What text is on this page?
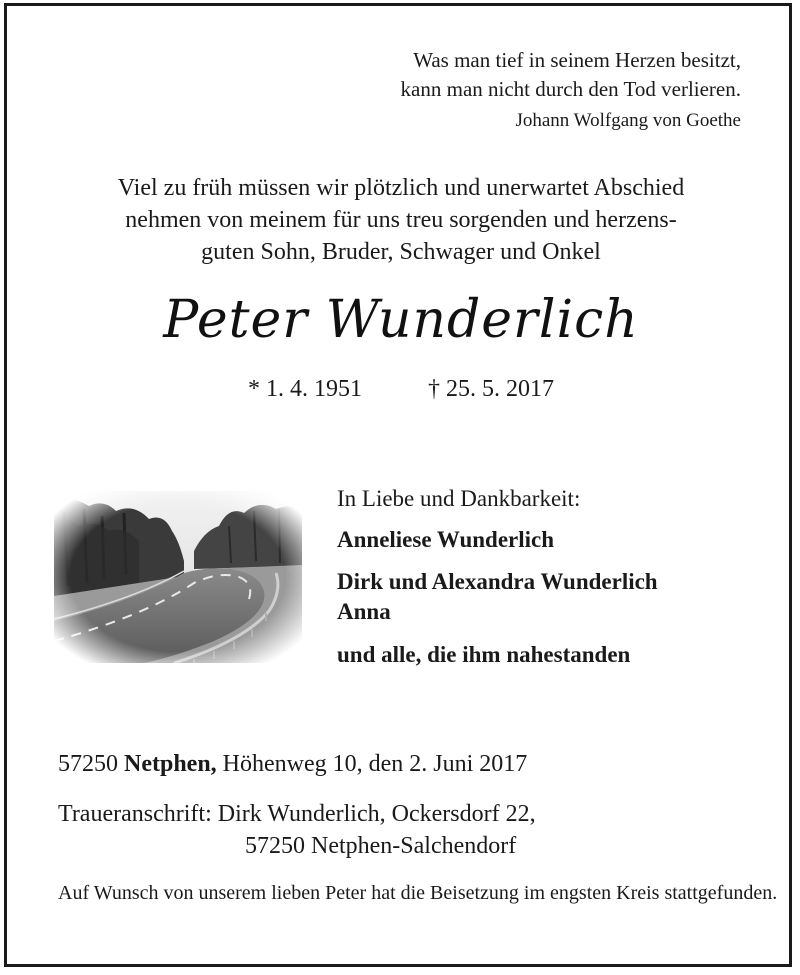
Was man tief in seinem Herzen besitzt,
kann man nicht durch den Tod verlieren.
Johann Wolfgang von Goethe
Viel zu früh müssen wir plötzlich und unerwartet Abschied
nehmen von meinem für uns treu sorgenden und herzens-
guten Sohn, Bruder, Schwager und Onkel
Peter Wunderlich
* 1. 4. 1951	† 25. 5. 2017
In Liebe und Dankbarkeit:
Anneliese Wunderlich
Dirk und Alexandra Wunderlich
Anna
und alle, die ihm nahestanden
57250 Netphen, Höhenweg 10, den 2. Juni 2017
Traueranschrift: Dirk Wunderlich, Ockersdorf 22,
57250 Netphen-Salchendorf
Auf Wunsch von unserem lieben Peter hat die Beisetzung im engsten Kreis stattgefunden.
